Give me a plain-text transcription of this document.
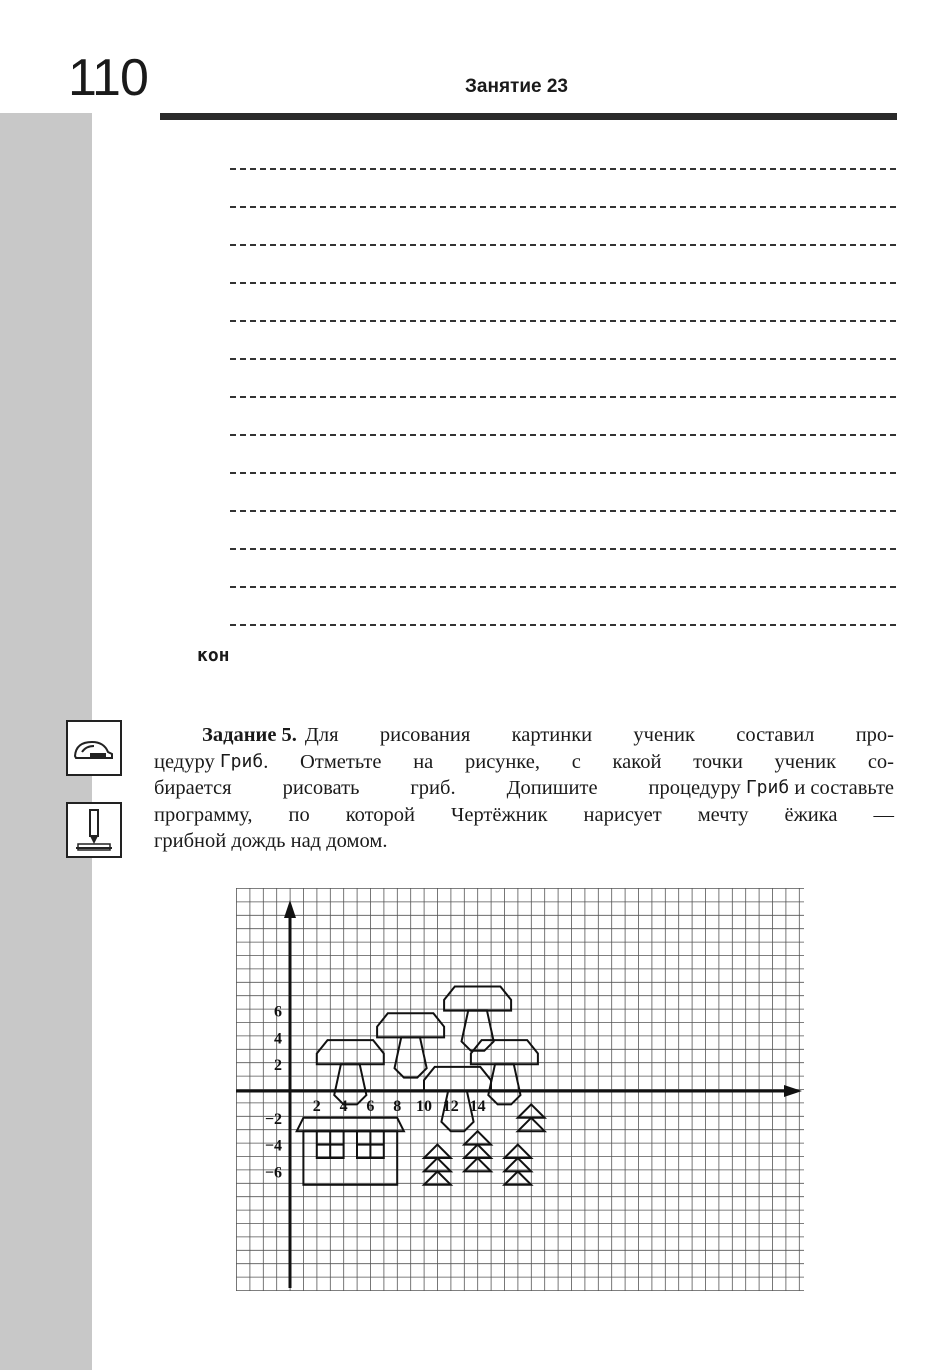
110	Занятие 23
кон
Задание 5. Для рисования картинки ученик составил про-
цедуру
Гриб . Отметьте на рисунке, с какой точки ученик со-
бирается рисовать гриб. Допишите процедуру
Гриб
и составьте
программу, по которой Чертёжник нарисует мечту ёжика —
грибной дождь над домом.
2 4 6 8 10 12 14
6
4
2
−2
−4
−6
